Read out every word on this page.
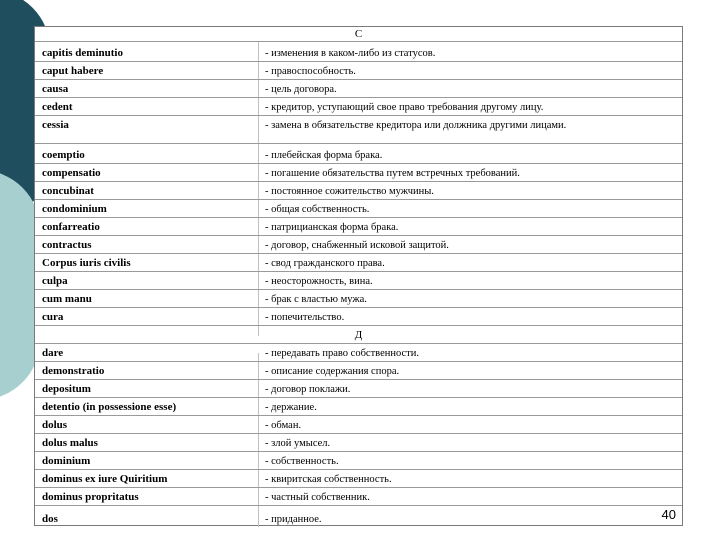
С
capitis deminutio	- изменения в каком-либо из статусов.
caput habere	- правоспособность.
causa	- цель договора.
cedent	- кредитор, уступающий свое право требования другому лицу.
cessia	- замена в обязательстве кредитора или должника другими лицами.
coemptio	- плебейская форма брака.
compensatio	- погашение обязательства путем встречных требований.
concubinat	- постоянное сожительство мужчины.
condominium	- общая собственность.
confarreatio	- патрицианская форма брака.
contractus	- договор, снабженный исковой защитой.
Corpus iuris civilis	- свод гражданского права.
culpa	- неосторожность, вина.
cum manu	- брак с властью мужа.
cura	- попечительство.
Д
dare	- передавать право собственности.
demonstratio	- описание содержания спора.
depositum	- договор поклажи.
detentio (in possessione esse)	- держание.
dolus	- обман.
dolus malus	- злой умысел.
dominium	- собственность.
dominus ex iure Quiritium	- квиритская собственность.
dominus propritatus	- частный собственник.
dos	- приданное.	40
